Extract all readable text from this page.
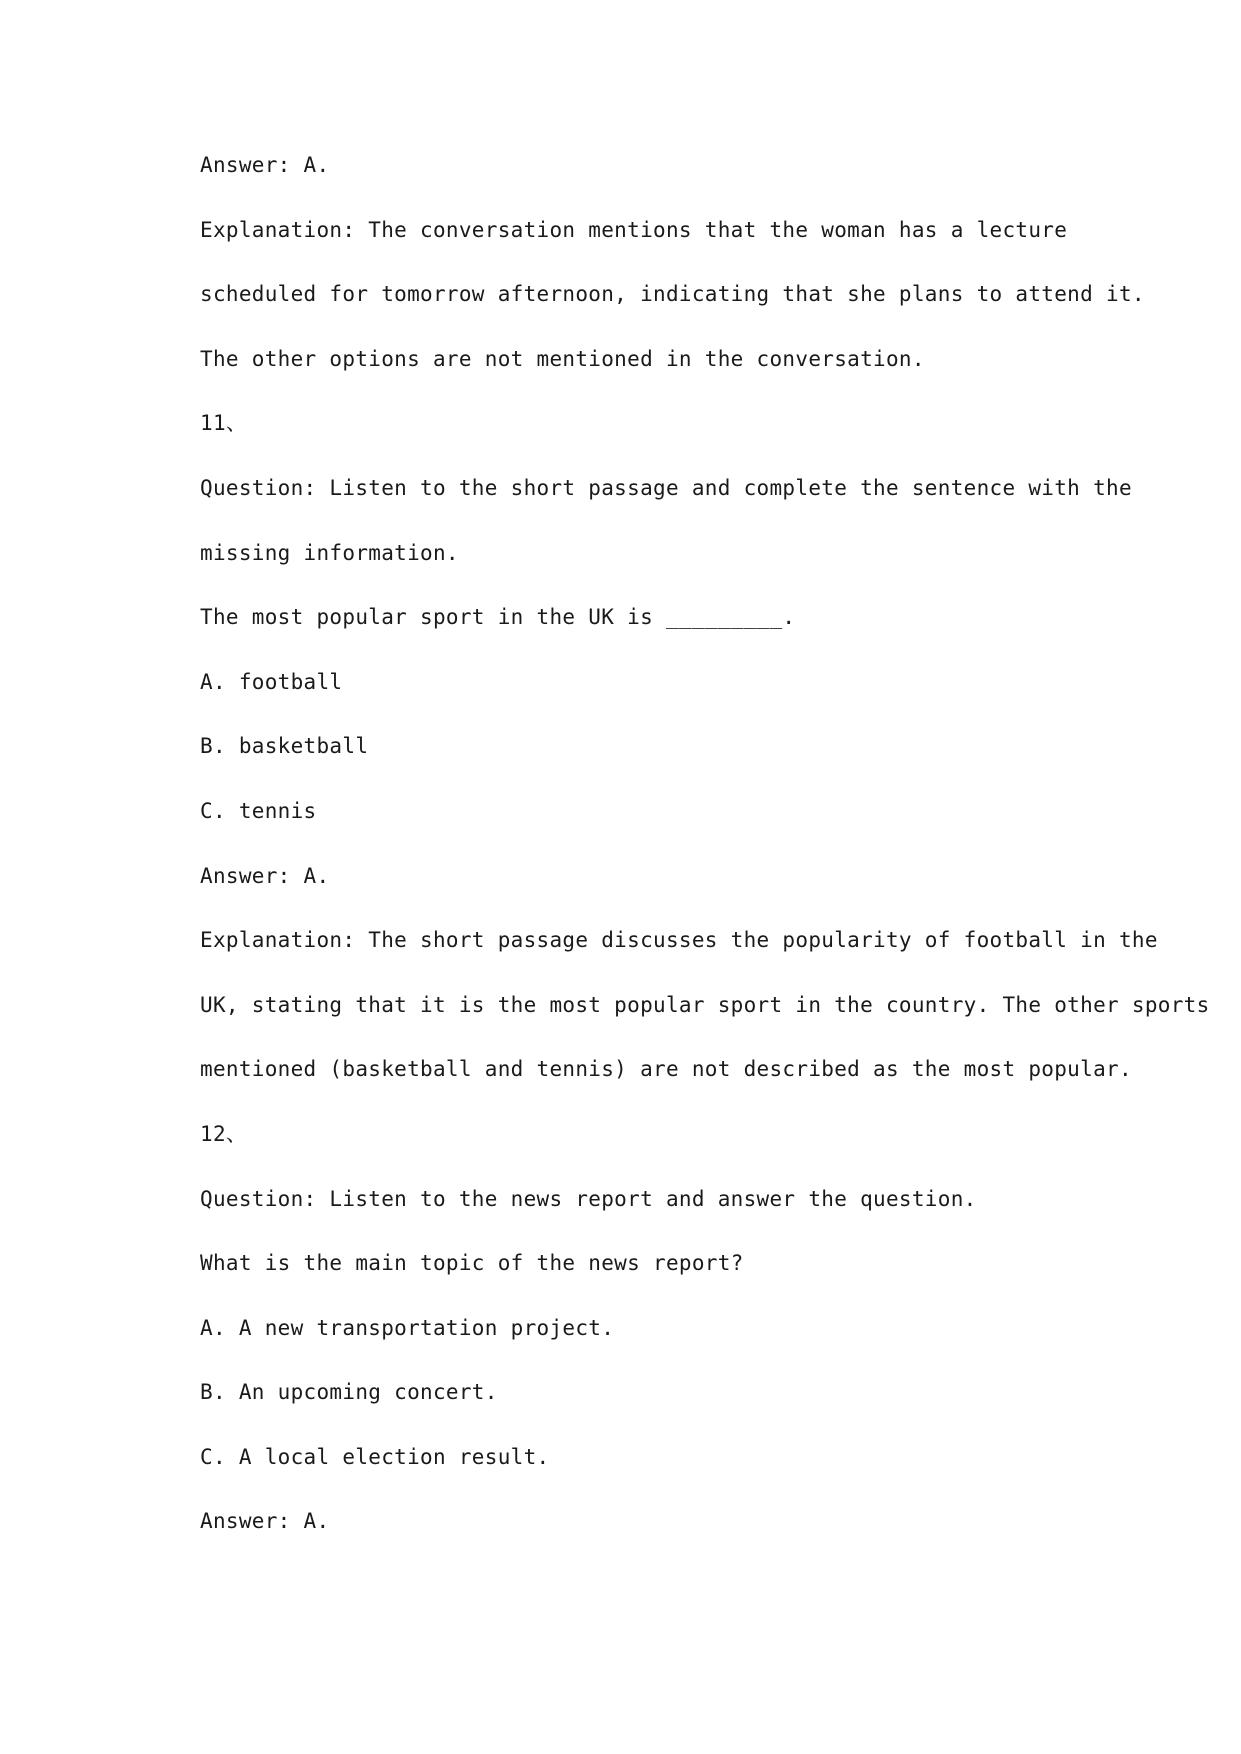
Answer: A.
Explanation: The conversation mentions that the woman has a lecture
scheduled for tomorrow afternoon, indicating that she plans to attend it.
The other options are not mentioned in the conversation.
11、
Question: Listen to the short passage and complete the sentence with the
missing information.
The most popular sport in the UK is _________.
A. football
B. basketball
C. tennis
Answer: A.
Explanation: The short passage discusses the popularity of football in the
UK, stating that it is the most popular sport in the country. The other sports
mentioned (basketball and tennis) are not described as the most popular.
12、
Question: Listen to the news report and answer the question.
What is the main topic of the news report?
A. A new transportation project.
B. An upcoming concert.
C. A local election result.
Answer: A.
